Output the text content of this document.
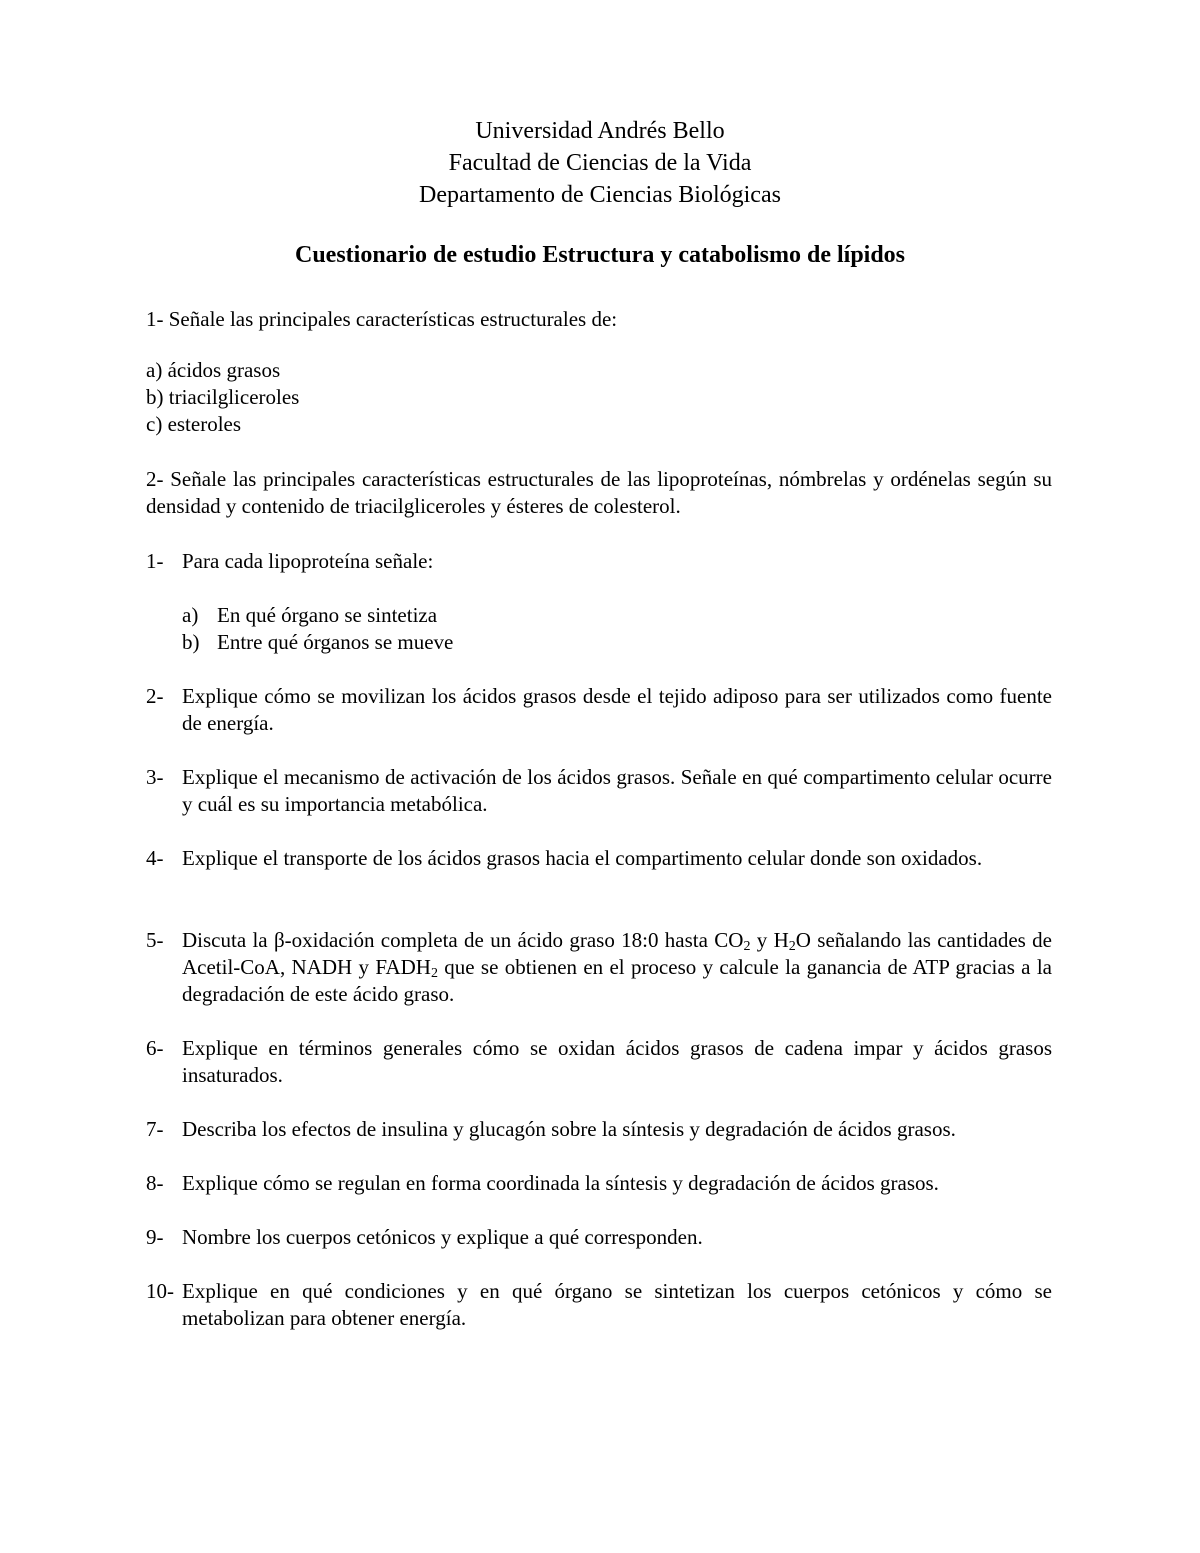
Universidad Andrés Bello
Facultad de Ciencias de la Vida
Departamento de Ciencias Biológicas
Cuestionario de estudio Estructura y catabolismo de lípidos
1- Señale las principales características estructurales de:
a) ácidos grasos
b) triacilgliceroles
c) esteroles
2- Señale las principales características estructurales de las lipoproteínas, nómbrelas y ordénelas según su densidad y contenido de triacilgliceroles y ésteres de colesterol.
1- Para cada lipoproteína señale:
a) En qué órgano se sintetiza
b) Entre qué órganos se mueve
2- Explique cómo se movilizan los ácidos grasos desde el tejido adiposo para ser utilizados como fuente de energía.
3- Explique el mecanismo de activación de los ácidos grasos. Señale en qué compartimento celular ocurre y cuál es su importancia metabólica.
4- Explique el transporte de los ácidos grasos hacia el compartimento celular donde son oxidados.
5- Discuta la β-oxidación completa de un ácido graso 18:0 hasta $CO_2$ y $H_2O$ señalando las cantidades de Acetil-CoA, NADH y $FADH_2$ que se obtienen en el proceso y calcule la ganancia de ATP gracias a la degradación de este ácido graso.
6- Explique en términos generales cómo se oxidan ácidos grasos de cadena impar y ácidos grasos insaturados.
7- Describa los efectos de insulina y glucagón sobre la síntesis y degradación de ácidos grasos.
8- Explique cómo se regulan en forma coordinada la síntesis y degradación de ácidos grasos.
9- Nombre los cuerpos cetónicos y explique a qué corresponden.
10- Explique en qué condiciones y en qué órgano se sintetizan los cuerpos cetónicos y cómo se metabolizan para obtener energía.
